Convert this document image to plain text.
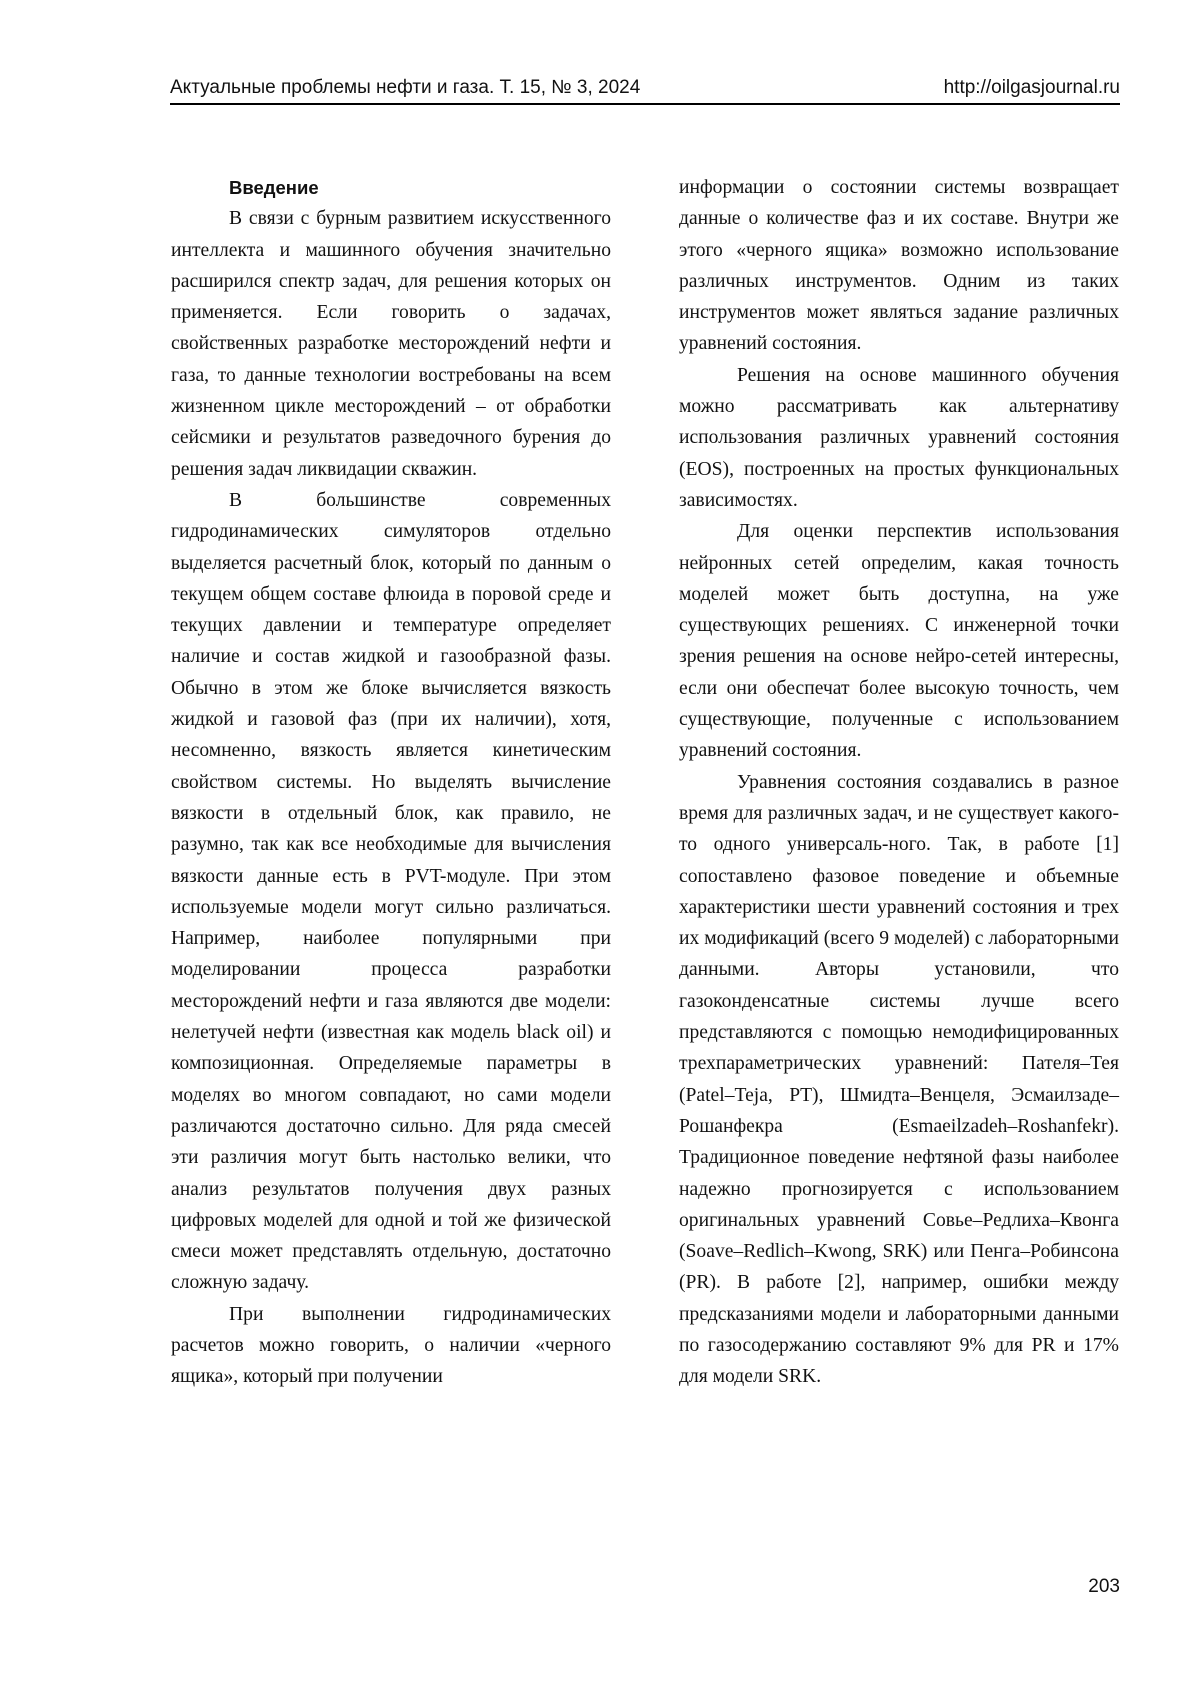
Актуальные проблемы нефти и газа. Т. 15, № 3, 2024	http://oilgasjournal.ru
Введение

В связи с бурным развитием искусственного интеллекта и машинного обучения значительно расширился спектр задач, для решения которых он применяется. Если говорить о задачах, свойственных разработке месторождений нефти и газа, то данные технологии востребованы на всем жизненном цикле месторождений – от обработки сейсмики и результатов разведочного бурения до решения задач ликвидации скважин.

В большинстве современных гидродинамических симуляторов отдельно выделяется расчетный блок, который по данным о текущем общем составе флюида в поровой среде и текущих давлении и температуре определяет наличие и состав жидкой и газообразной фазы. Обычно в этом же блоке вычисляется вязкость жидкой и газовой фаз (при их наличии), хотя, несомненно, вязкость является кинетическим свойством системы. Но выделять вычисление вязкости в отдельный блок, как правило, не разумно, так как все необходимые для вычисления вязкости данные есть в PVT-модуле. При этом используемые модели могут сильно различаться. Например, наиболее популярными при моделировании процесса разработки месторождений нефти и газа являются две модели: нелетучей нефти (известная как модель black oil) и композиционная. Определяемые параметры в моделях во многом совпадают, но сами модели различаются достаточно сильно. Для ряда смесей эти различия могут быть настолько велики, что анализ результатов получения двух разных цифровых моделей для одной и той же физической смеси может представлять отдельную, достаточно сложную задачу.

При выполнении гидродинамических расчетов можно говорить, о наличии «черного ящика», который при получении

информации о состоянии системы возвращает данные о количестве фаз и их составе. Внутри же этого «черного ящика» возможно использование различных инструментов. Одним из таких инструментов может являться задание различных уравнений состояния.

Решения на основе машинного обучения можно рассматривать как альтернативу использования различных уравнений состояния (EOS), построенных на простых функциональных зависимостях.

Для оценки перспектив использования нейронных сетей определим, какая точность моделей может быть доступна, на уже существующих решениях. С инженерной точки зрения решения на основе нейро-сетей интересны, если они обеспечат более высокую точность, чем существующие, полученные с использованием уравнений состояния.

Уравнения состояния создавались в разное время для различных задач, и не существует какого-то одного универсаль-ного. Так, в работе [1] сопоставлено фазовое поведение и объемные характеристики шести уравнений состояния и трех их модификаций (всего 9 моделей) с лабораторными данными. Авторы установили, что газоконденсатные системы лучше всего представляются с помощью немодифицированных трехпараметрических уравнений: Пателя–Тея (Patel–Teja, PT), Шмидта–Венцеля, Эсмаилзаде–Рошанфекра (Esmaeilzadeh–Roshanfekr). Традиционное поведение нефтяной фазы наиболее надежно прогнозируется с использованием оригинальных уравнений Совье–Редлиха–Квонга (Soave–Redlich–Kwong, SRK) или Пенга–Робинсона (PR). В работе [2], например, ошибки между предсказаниями модели и лабораторными данными по газосодержанию составляют 9% для PR и 17% для модели SRK.

203
